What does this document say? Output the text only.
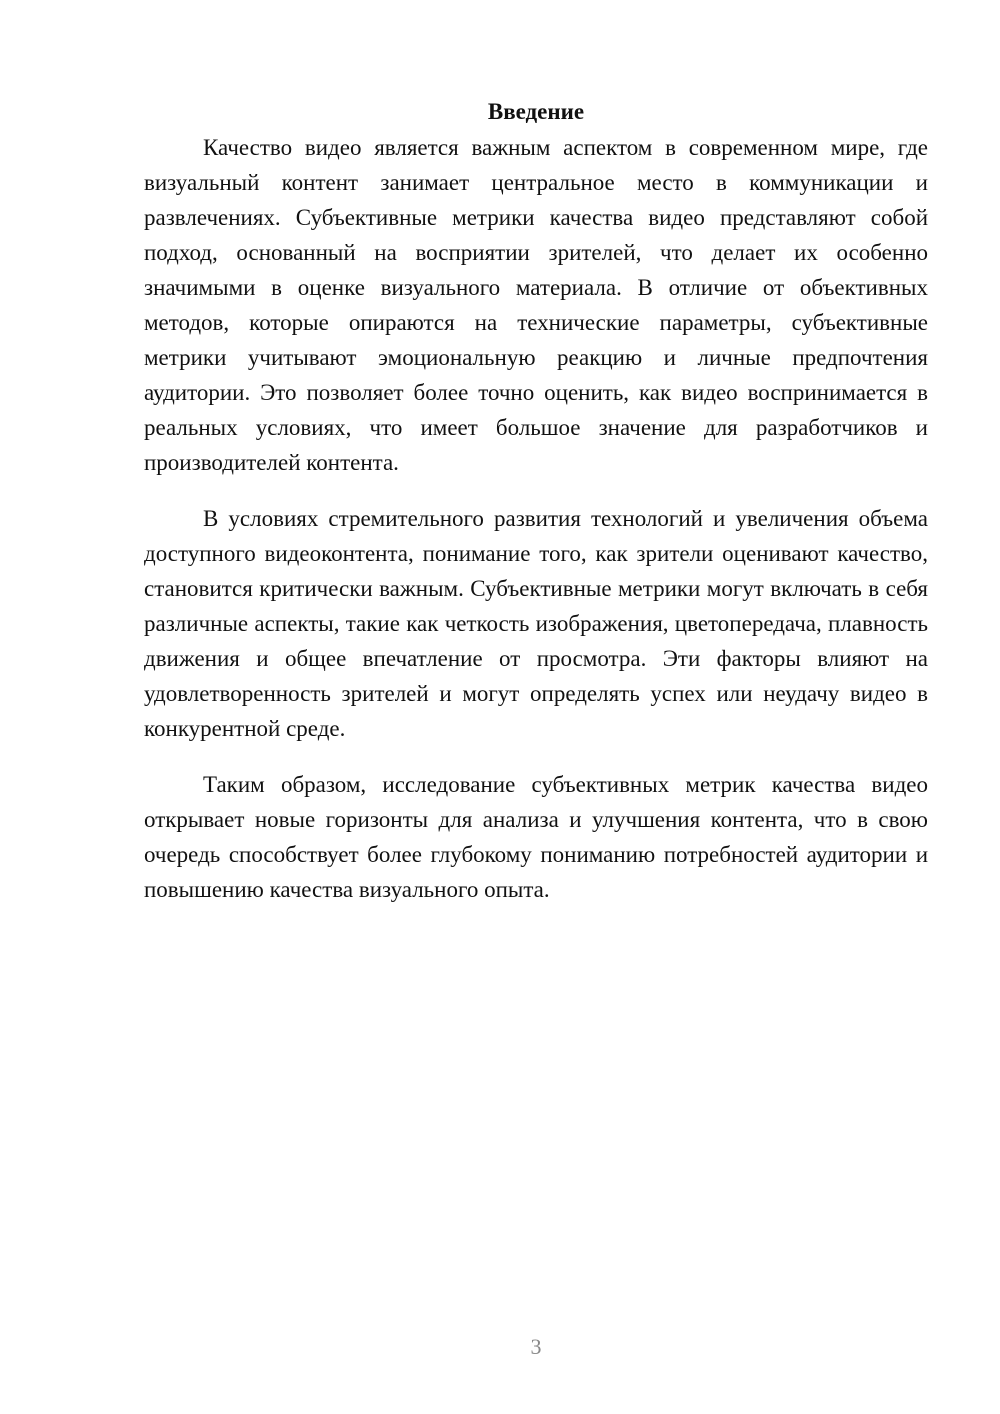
Введение

Качество видео является важным аспектом в современном мире, где визуальный контент занимает центральное место в коммуникации и развлечениях. Субъективные метрики качества видео представляют собой подход, основанный на восприятии зрителей, что делает их особенно значимыми в оценке визуального материала. В отличие от объективных методов, которые опираются на технические параметры, субъективные метрики учитывают эмоциональную реакцию и личные предпочтения аудитории. Это позволяет более точно оценить, как видео воспринимается в реальных условиях, что имеет большое значение для разработчиков и производителей контента.

В условиях стремительного развития технологий и увеличения объема доступного видеоконтента, понимание того, как зрители оценивают качество, становится критически важным. Субъективные метрики могут включать в себя различные аспекты, такие как четкость изображения, цветопередача, плавность движения и общее впечатление от просмотра. Эти факторы влияют на удовлетворенность зрителей и могут определять успех или неудачу видео в конкурентной среде.

Таким образом, исследование субъективных метрик качества видео открывает новые горизонты для анализа и улучшения контента, что в свою очередь способствует более глубокому пониманию потребностей аудитории и повышению качества визуального опыта.

3
